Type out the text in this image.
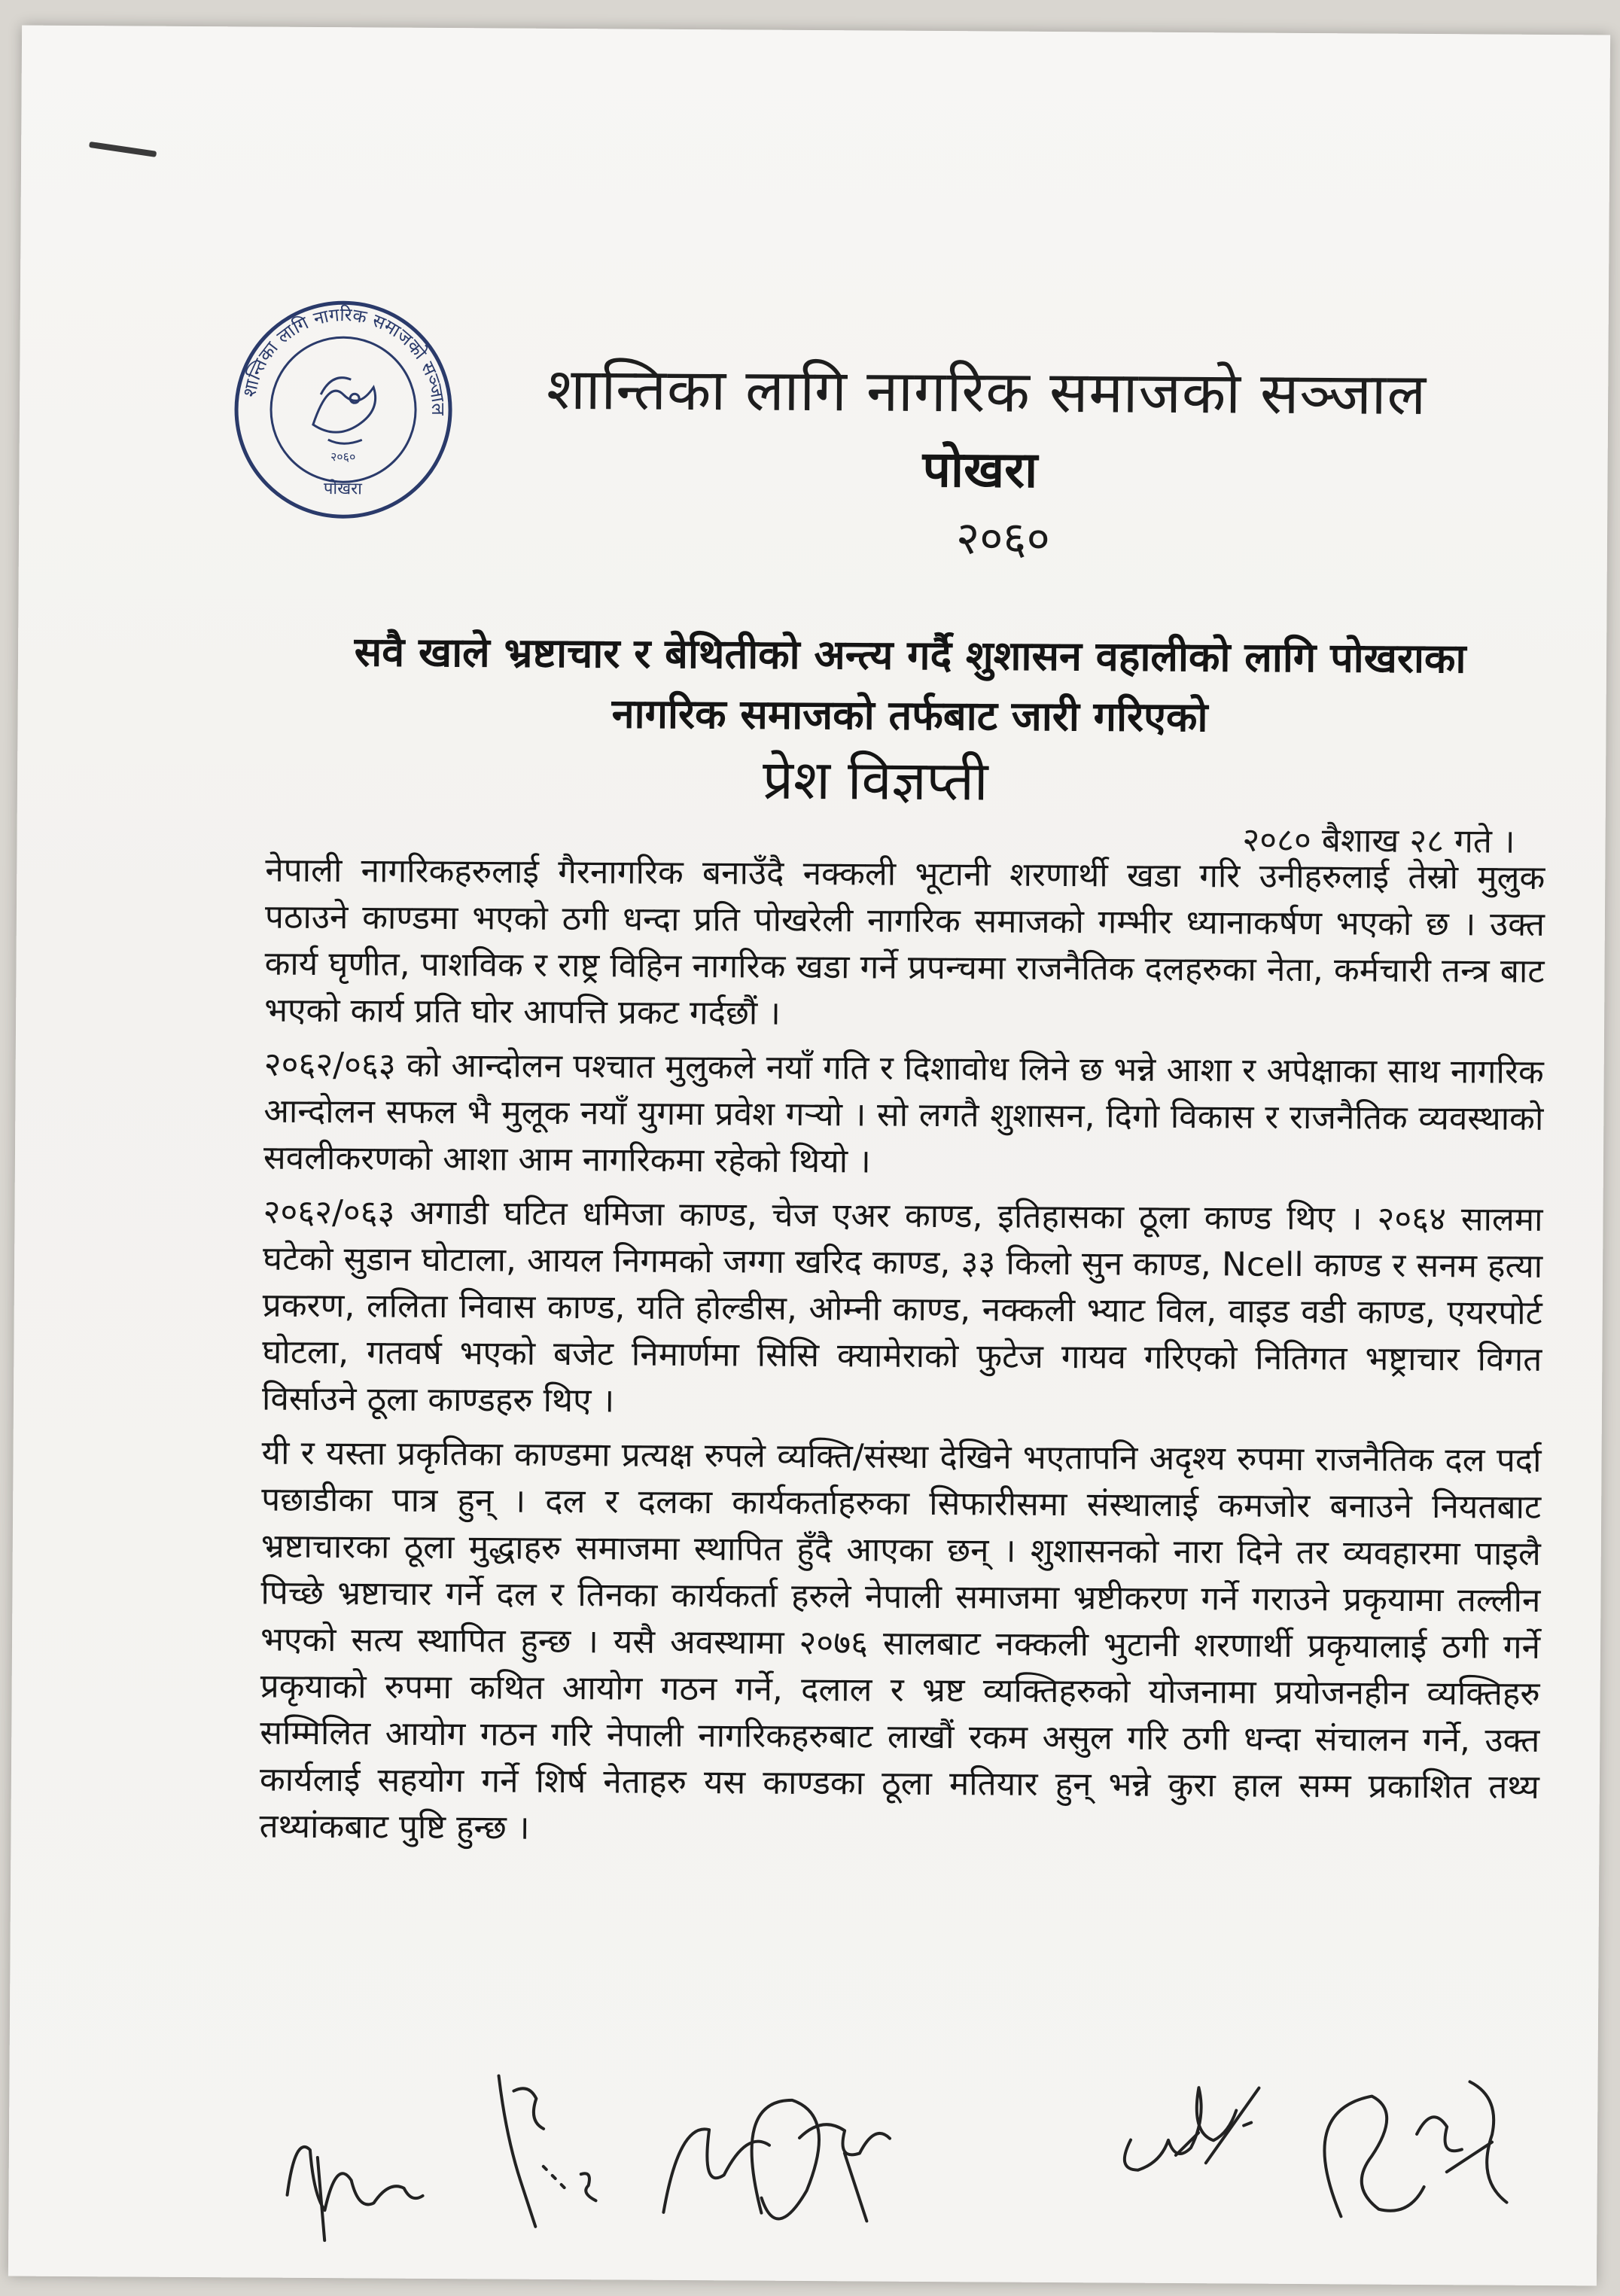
शान्तिका लागि नागरिक समाजको सञ्जाल
२०६०
पोखरा
शान्तिका लागि नागरिक समाजको सञ्जाल
पोखरा
२०६०
सवै खाले भ्रष्टाचार र बेथितीको अन्त्य गर्दै शुशासन वहालीको लागि पोखराका
नागरिक समाजको तर्फबाट जारी गरिएको
प्रेश विज्ञप्ती
२०८० बैशाख २८ गते ।

नेपाली नागरिकहरुलाई गैरनागरिक बनाउँदै नक्कली भूटानी शरणार्थी खडा गरि उनीहरुलाई तेस्रो मुलुक पठाउने काण्डमा भएको ठगी धन्दा प्रति पोखरेली नागरिक समाजको गम्भीर ध्यानाकर्षण भएको छ । उक्त कार्य घृणीत, पाशविक र राष्ट्र विहिन नागरिक खडा गर्ने प्रपन्चमा राजनैतिक दलहरुका नेता, कर्मचारी तन्त्र बाट भएको कार्य प्रति घोर आपत्ति प्रकट गर्दछौं ।

२०६२/०६३ को आन्दोलन पश्चात मुलुकले नयाँ गति र दिशावोध लिने छ भन्ने आशा र अपेक्षाका साथ नागरिक आन्दोलन सफल भै मुलूक नयाँ युगमा प्रवेश गर्‍यो । सो लगतै शुशासन, दिगो विकास र राजनैतिक व्यवस्थाको सवलीकरणको आशा आम नागरिकमा रहेको थियो ।

२०६२/०६३ अगाडी घटित धमिजा काण्ड, चेज एअर काण्ड, इतिहासका ठूला काण्ड थिए । २०६४ सालमा घटेको सुडान घोटाला, आयल निगमको जग्गा खरिद काण्ड, ३३ किलो सुन काण्ड, Ncell काण्ड र सनम हत्या प्रकरण, ललिता निवास काण्ड, यति होल्डीस, ओम्नी काण्ड, नक्कली भ्याट विल, वाइड वडी काण्ड, एयरपोर्ट घोटला, गतवर्ष भएको बजेट निमार्णमा सिसि क्यामेराको फुटेज गायव गरिएको नितिगत भष्ट्राचार विगत विर्साउने ठूला काण्डहरु थिए ।

यी र यस्ता प्रकृतिका काण्डमा प्रत्यक्ष रुपले व्यक्ति/संस्था देखिने भएतापनि अदृश्य रुपमा राजनैतिक दल पर्दा पछाडीका पात्र हुन् । दल र दलका कार्यकर्ताहरुका सिफारीसमा संस्थालाई कमजोर बनाउने नियतबाट भ्रष्टाचारका ठूला मुद्धाहरु समाजमा स्थापित हुँदै आएका छन् । शुशासनको नारा दिने तर व्यवहारमा पाइलै पिच्छे भ्रष्टाचार गर्ने दल र तिनका कार्यकर्ता हरुले नेपाली समाजमा भ्रष्टीकरण गर्ने गराउने प्रकृयामा तल्लीन भएको सत्य स्थापित हुन्छ । यसै अवस्थामा २०७६ सालबाट नक्कली भुटानी शरणार्थी प्रकृयालाई ठगी गर्ने प्रकृयाको रुपमा कथित आयोग गठन गर्ने, दलाल र भ्रष्ट व्यक्तिहरुको योजनामा प्रयोजनहीन व्यक्तिहरु सम्मिलित आयोग गठन गरि नेपाली नागरिकहरुबाट लाखौं रकम असुल गरि ठगी धन्दा संचालन गर्ने, उक्त कार्यलाई सहयोग गर्ने शिर्ष नेताहरु यस काण्डका ठूला मतियार हुन् भन्ने कुरा हाल सम्म प्रकाशित तथ्य तथ्यांकबाट पुष्टि हुन्छ ।
